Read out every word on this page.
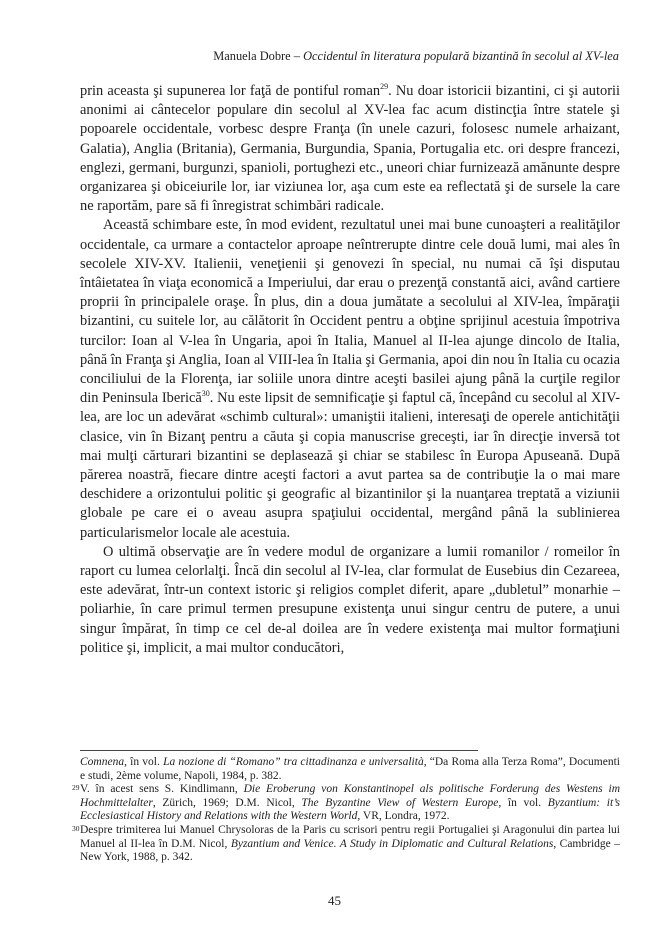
Manuela Dobre – Occidentul în literatura populară bizantină în secolul al XV-lea

prin aceasta şi supunerea lor faţă de pontiful roman$^{29}$. Nu doar istoricii bizantini, ci şi autorii anonimi ai cântecelor populare din secolul al XV-lea fac acum distincţia între statele şi popoarele occidentale, vorbesc despre Franţa (în unele cazuri, folosesc numele arhaizant, Galatia), Anglia (Britania), Germania, Burgundia, Spania, Portugalia etc. ori despre francezi, englezi, germani, burgunzi, spanioli, portughezi etc., uneori chiar furnizează amănunte despre organizarea şi obiceiurile lor, iar viziunea lor, aşa cum este ea reflectată şi de sursele la care ne raportăm, pare să fi înregistrat schimbări radicale.

Această schimbare este, în mod evident, rezultatul unei mai bune cunoaşteri a realităţilor occidentale, ca urmare a contactelor aproape neîntrerupte dintre cele două lumi, mai ales în secolele XIV-XV. Italienii, veneţienii şi genovezi în special, nu numai că îşi disputau întâietatea în viaţa economică a Imperiului, dar erau o prezenţă constantă aici, având cartiere proprii în principalele oraşe. În plus, din a doua jumătate a secolului al XIV-lea, împăraţii bizantini, cu suitele lor, au călătorit în Occident pentru a obţine sprijinul acestuia împotriva turcilor: Ioan al V-lea în Ungaria, apoi în Italia, Manuel al II-lea ajunge dincolo de Italia, până în Franţa şi Anglia, Ioan al VIII-lea în Italia şi Germania, apoi din nou în Italia cu ocazia conciliului de la Florenţa, iar soliile unora dintre aceşti basilei ajung până la curţile regilor din Peninsula Iberică$^{30}$. Nu este lipsit de semnificaţie şi faptul că, începând cu secolul al XIV-lea, are loc un adevărat «schimb cultural»: umaniştii italieni, interesaţi de operele antichităţii clasice, vin în Bizanţ pentru a căuta şi copia manuscrise greceşti, iar în direcţie inversă tot mai mulţi cărturari bizantini se deplasează şi chiar se stabilesc în Europa Apuseană. După părerea noastră, fiecare dintre aceşti factori a avut partea sa de contribuţie la o mai mare deschidere a orizontului politic şi geografic al bizantinilor şi la nuanţarea treptată a viziunii globale pe care ei o aveau asupra spaţiului occidental, mergând până la sublinierea particularismelor locale ale acestuia.

O ultimă observaţie are în vedere modul de organizare a lumii romanilor / romeilor în raport cu lumea celorlalţi. Încă din secolul al IV-lea, clar formulat de Eusebius din Cezareea, este adevărat, într-un context istoric şi religios complet diferit, apare „dubletul” monarhie – poliarhie, în care primul termen presupune existenţa unui singur centru de putere, a unui singur împărat, în timp ce cel de-al doilea are în vedere existenţa mai multor formaţiuni politice şi, implicit, a mai multor conducători,

Comnena, în vol. La nozione di “Romano” tra cittadinanza e universalità, “Da Roma alla Terza Roma”, Documenti e studi, 2ème volume, Napoli, 1984, p. 382.

29 V. în acest sens S. Kindlimann, Die Eroberung von Konstantinopel als politische Forderung des Westens im Hochmittelalter, Zürich, 1969; D.M. Nicol, The Byzantine View of Western Europe, în vol. Byzantium: it’s Ecclesiastical History and Relations with the Western World, VR, Londra, 1972.

30 Despre trimiterea lui Manuel Chrysoloras de la Paris cu scrisori pentru regii Portugaliei şi Aragonului din partea lui Manuel al II-lea în D.M. Nicol, Byzantium and Venice. A Study in Diplomatic and Cultural Relations, Cambridge – New York, 1988, p. 342.

45
